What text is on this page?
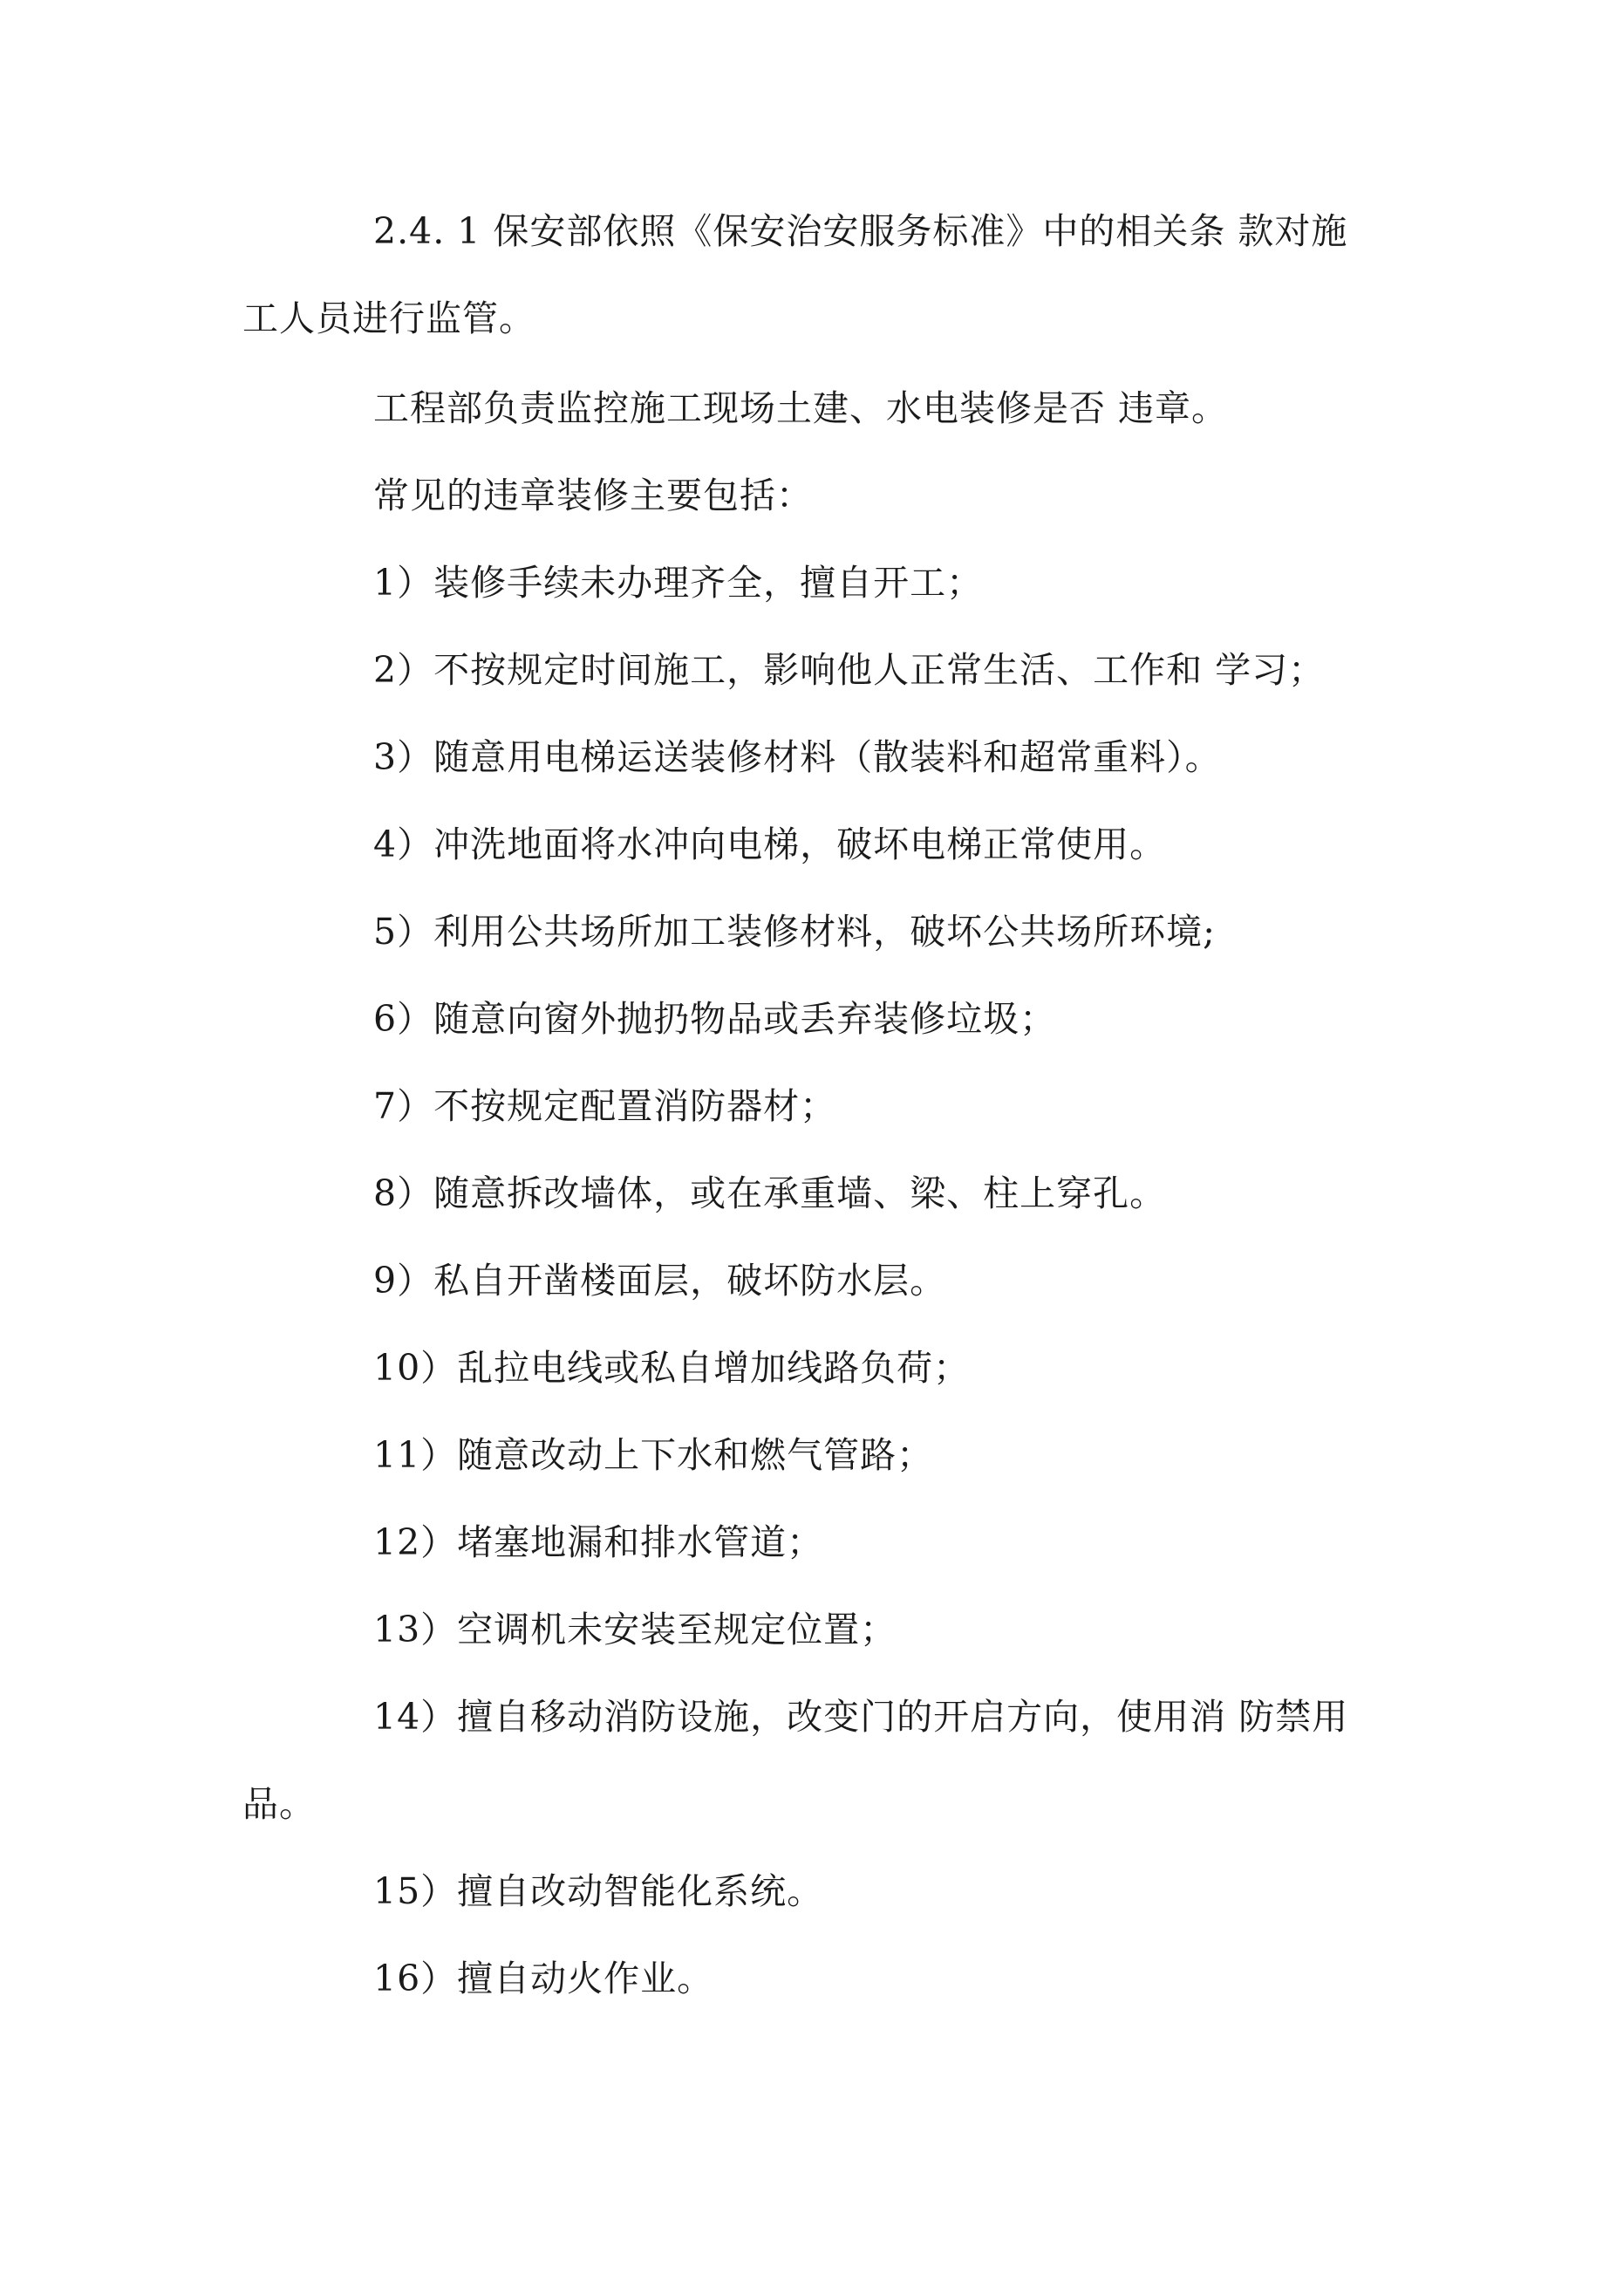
2.4. 1 保安部依照《保安治安服务标准》中的相关条 款对施
工人员进行监管。
工程部负责监控施工现场土建、水电装修是否 违章。
常见的违章装修主要包括：
1）装修手续未办理齐全，擅自开工；
2）不按规定时间施工，影响他人正常生活、工作和 学习；
3）随意用电梯运送装修材料（散装料和超常重料）。
4）冲洗地面将水冲向电梯，破坏电梯正常使用。
5）利用公共场所加工装修材料，破坏公共场所环境;
6）随意向窗外抛扔物品或丢弃装修垃圾；
7）不按规定配置消防器材；
8）随意拆改墙体，或在承重墙、梁、柱上穿孔。
9）私自开凿楼面层，破坏防水层。
10）乱拉电线或私自增加线路负荷；
11）随意改动上下水和燃气管路；
12）堵塞地漏和排水管道；
13）空调机未安装至规定位置；
14）擅自移动消防设施，改变门的开启方向，使用消 防禁用
品。
15）擅自改动智能化系统。
16）擅自动火作业。
